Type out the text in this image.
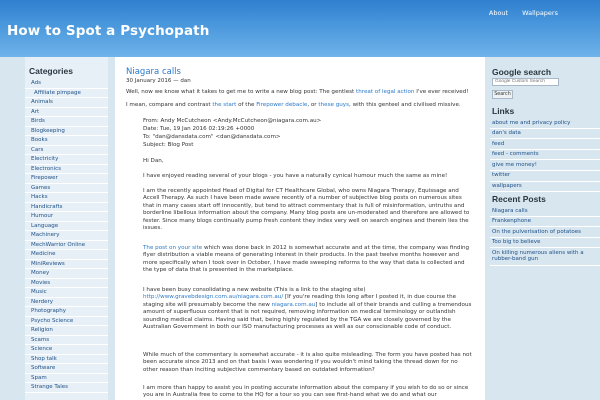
How to Spot a Psychopath
About Wallpapers
Categories
Ads
Affiliate pimpage
Animals
Art
Birds
Blogkeeping
Books
Cars
Electricity
Electronics
Firepower
Games
Hacks
Handicrafts
Humour
Language
Machinery
MechWarrior Online
Medicine
MiniReviews
Money
Movies
Music
Nerdery
Photography
Psycho Science
Religion
Scams
Science
Shop talk
Software
Spam
Strange Tales
Niagara calls
30 January 2016 — dan

Well, now we know what it takes to get me to write a new blog post: The gentlest threat of legal action I've ever received!

I mean, compare and contrast the start of the Firepower debacle, or these guys, with this genteel and civilised missive.

From: Andy McCutcheon <Andy.McCutcheon@niagara.com.au>

Date: Tue, 19 Jan 2016 02:19:26 +0000

To: "dan@dansdata.com" <dan@dansdata.com>

Subject: Blog Post

Hi Dan,

I have enjoyed reading several of your blogs - you have a naturally cynical humour much the same as mine!

I am the recently appointed Head of Digital for CT Healthcare Global, who owns Niagara Therapy, Equissage and Accell Therapy. As such I have been made aware recently of a number of subjective blog posts on numerous sites that in many cases start off innocently, but tend to attract commentary that is full of misinformation, untruths and borderline libellous information about the company. Many blog posts are un-moderated and therefore are allowed to fester. Since many blogs continually pump fresh content they index very well on search engines and therein lies the issues.

The post on your site which was done back in 2012 is somewhat accurate and at the time, the company was finding flyer distribution a viable means of generating interest in their products. In the past twelve months however and more specifically when I took over in October, I have made sweeping reforms to the way that data is collected and the type of data that is presented in the marketplace.

I have been busy consolidating a new website (This is a link to the staging site) http://www.gravebdesign.com.au/niagara.com.au/ [If you're reading this long after I posted it, in due course the staging site will presumably become the new niagara.com.au] to include all of their brands and culling a tremendous amount of superfluous content that is not required, removing information on medical terminology or outlandish sounding medical claims. Having said that, being highly regulated by the TGA we are closely governed by the Australian Government in both our ISO manufacturing processes as well as our conscionable code of conduct.

While much of the commentary is somewhat accurate - it is also quite misleading. The form you have posted has not been accurate since 2013 and on that basis I was wondering if you wouldn't mind taking the thread down for no other reason than inciting subjective commentary based on outdated information?

I am more than happy to assist you in posting accurate information about the company if you wish to do so or since you are in Australia free to come to the HQ for a tour so you can see first-hand what we do and what our

Google search
Google Custom Search
Search
Links
about me and privacy policy
dan's data
feed
feed - comments
give me money!
twitter
wallpapers
Recent Posts
Niagara calls
Frankenphone
On the pulverisation of potatoes
Too big to believe
On killing numerous aliens with a rubber-band gun
